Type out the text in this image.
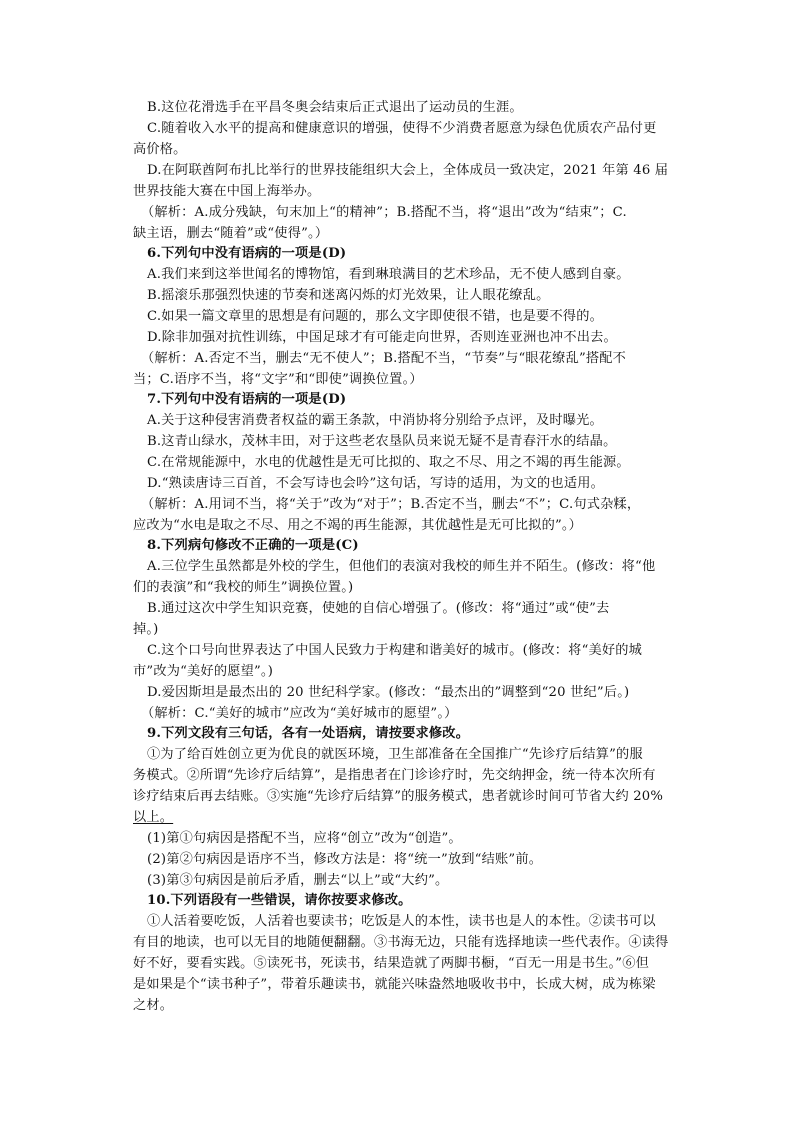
B.这位花滑选手在平昌冬奥会结束后正式退出了运动员的生涯。
C.随着收入水平的提高和健康意识的增强，使得不少消费者愿意为绿色优质农产品付更
高价格。
D.在阿联酋阿布扎比举行的世界技能组织大会上，全体成员一致决定，2021 年第 46 届
世界技能大赛在中国上海举办。
（解析：A.成分残缺，句末加上“的精神”；B.搭配不当，将“退出”改为“结束”；C.
缺主语，删去“随着”或“使得”。）
6.下列句中没有语病的一项是(D)
A.我们来到这举世闻名的博物馆，看到琳琅满目的艺术珍品，无不使人感到自豪。
B.摇滚乐那强烈快速的节奏和迷离闪烁的灯光效果，让人眼花缭乱。
C.如果一篇文章里的思想是有问题的，那么文字即使很不错，也是要不得的。
D.除非加强对抗性训练，中国足球才有可能走向世界，否则连亚洲也冲不出去。
（解析：A.否定不当，删去“无不使人”；B.搭配不当，“节奏”与“眼花缭乱”搭配不
当；C.语序不当，将“文字”和“即使”调换位置。）
7.下列句中没有语病的一项是(D)
A.关于这种侵害消费者权益的霸王条款，中消协将分别给予点评，及时曝光。
B.这青山绿水，茂林丰田，对于这些老农垦队员来说无疑不是青春汗水的结晶。
C.在常规能源中，水电的优越性是无可比拟的、取之不尽、用之不竭的再生能源。
D.“熟读唐诗三百首，不会写诗也会吟”这句话，写诗的适用，为文的也适用。
（解析：A.用词不当，将“关于”改为“对于”；B.否定不当，删去“不”；C.句式杂糅，
应改为“水电是取之不尽、用之不竭的再生能源，其优越性是无可比拟的”。）
8.下列病句修改不正确的一项是(C)
A.三位学生虽然都是外校的学生，但他们的表演对我校的师生并不陌生。(修改：将“他
们的表演”和“我校的师生”调换位置。)
B.通过这次中学生知识竞赛，使她的自信心增强了。(修改：将“通过”或“使”去
掉。)
C.这个口号向世界表达了中国人民致力于构建和谐美好的城市。(修改：将“美好的城
市”改为“美好的愿望”。)
D.爱因斯坦是最杰出的 20 世纪科学家。(修改：“最杰出的”调整到“20 世纪”后。)
（解析：C.“美好的城市”应改为“美好城市的愿望”。）
9.下列文段有三句话，各有一处语病，请按要求修改。
①为了给百姓创立更为优良的就医环境，卫生部准备在全国推广“先诊疗后结算”的服
务模式。②所谓“先诊疗后结算”，是指患者在门诊诊疗时，先交纳押金，统一待本次所有
诊疗结束后再去结账。③实施“先诊疗后结算”的服务模式，患者就诊时间可节省大约 20%
以上。
(1)第①句病因是搭配不当，应将“创立”改为“创造”。
(2)第②句病因是语序不当，修改方法是：将“统一”放到“结账”前。
(3)第③句病因是前后矛盾，删去“以上”或“大约”。
10.下列语段有一些错误，请你按要求修改。
①人活着要吃饭，人活着也要读书；吃饭是人的本性，读书也是人的本性。②读书可以
有目的地读，也可以无目的地随便翻翻。③书海无边，只能有选择地读一些代表作。④读得
好不好，要看实践。⑤读死书，死读书，结果造就了两脚书橱，“百无一用是书生。”⑥但
是如果是个“读书种子”，带着乐趣读书，就能兴味盎然地吸收书中，长成大树，成为栋梁
之材。
